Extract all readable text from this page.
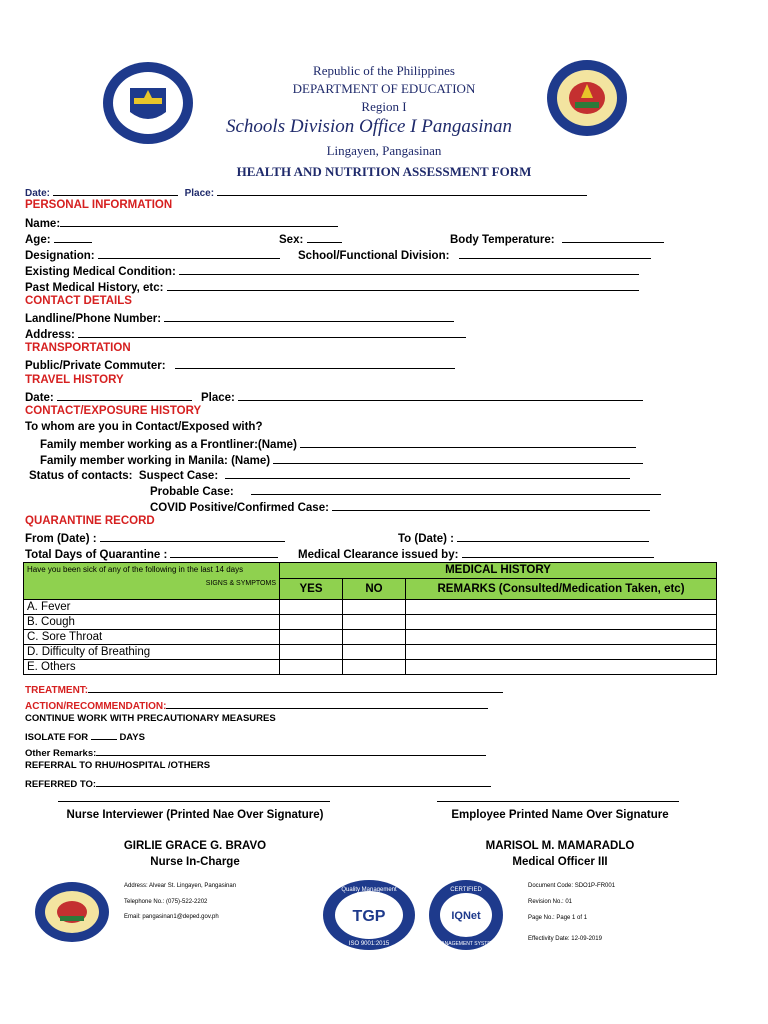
Republic of the Philippines
DEPARTMENT OF EDUCATION
Region I
Schools Division Office I Pangasinan
Lingayen, Pangasinan
HEALTH AND NUTRITION ASSESSMENT FORM
Date:	Place:
PERSONAL INFORMATION
Name:
Age:	Sex:	Body Temperature:
Designation:	School/Functional Division:
Existing Medical Condition:
Past Medical History, etc:
CONTACT DETAILS
Landline/Phone Number:
Address:
TRANSPORTATION
Public/Private Commuter:
TRAVEL HISTORY
Date:	Place:
CONTACT/EXPOSURE HISTORY
To whom are you in Contact/Exposed with?
Family member working as a Frontliner:(Name)
Family member working in Manila: (Name)
Status of contacts: Suspect Case:
Probable Case:
COVID Positive/Confirmed Case:
QUARANTINE RECORD
From (Date) :	To (Date) :
Total Days of Quarantine :	Medical Clearance issued by:
Have you been sick of any of the following in the last 14 days
SIGNS & SYMPTOMS	MEDICAL HISTORY		
	YES	NO	REMARKS (Consulted/Medication Taken, etc)
A. Fever			
B. Cough			
C. Sore Throat			
D. Difficulty of Breathing			
E. Others			
TREATMENT:
ACTION/RECOMMENDATION:
CONTINUE WORK WITH PRECAUTIONARY MEASURES
ISOLATE FOR	DAYS
Other Remarks:
REFERRAL TO RHU/HOSPITAL /OTHERS
REFERRED TO:
Nurse Interviewer (Printed Nae Over Signature)	Employee Printed Name Over Signature
GIRLIE GRACE G. BRAVO
Nurse In-Charge
MARISOL M. MAMARADLO
Medical Officer III
Address: Alvear St. Lingayen, Pangasinan
Telephone No.: (075)-522-2202
Email: pangasinan1@deped.gov.ph
Quality Management
TGP
ISO 9001:2015
CERTIFIED
IQNet
MANAGEMENT SYSTEM
Document Code: SDO1P-FR001
Revision No.: 01
Page No.: Page 1 of 1
Effectivity Date: 12-09-2019
